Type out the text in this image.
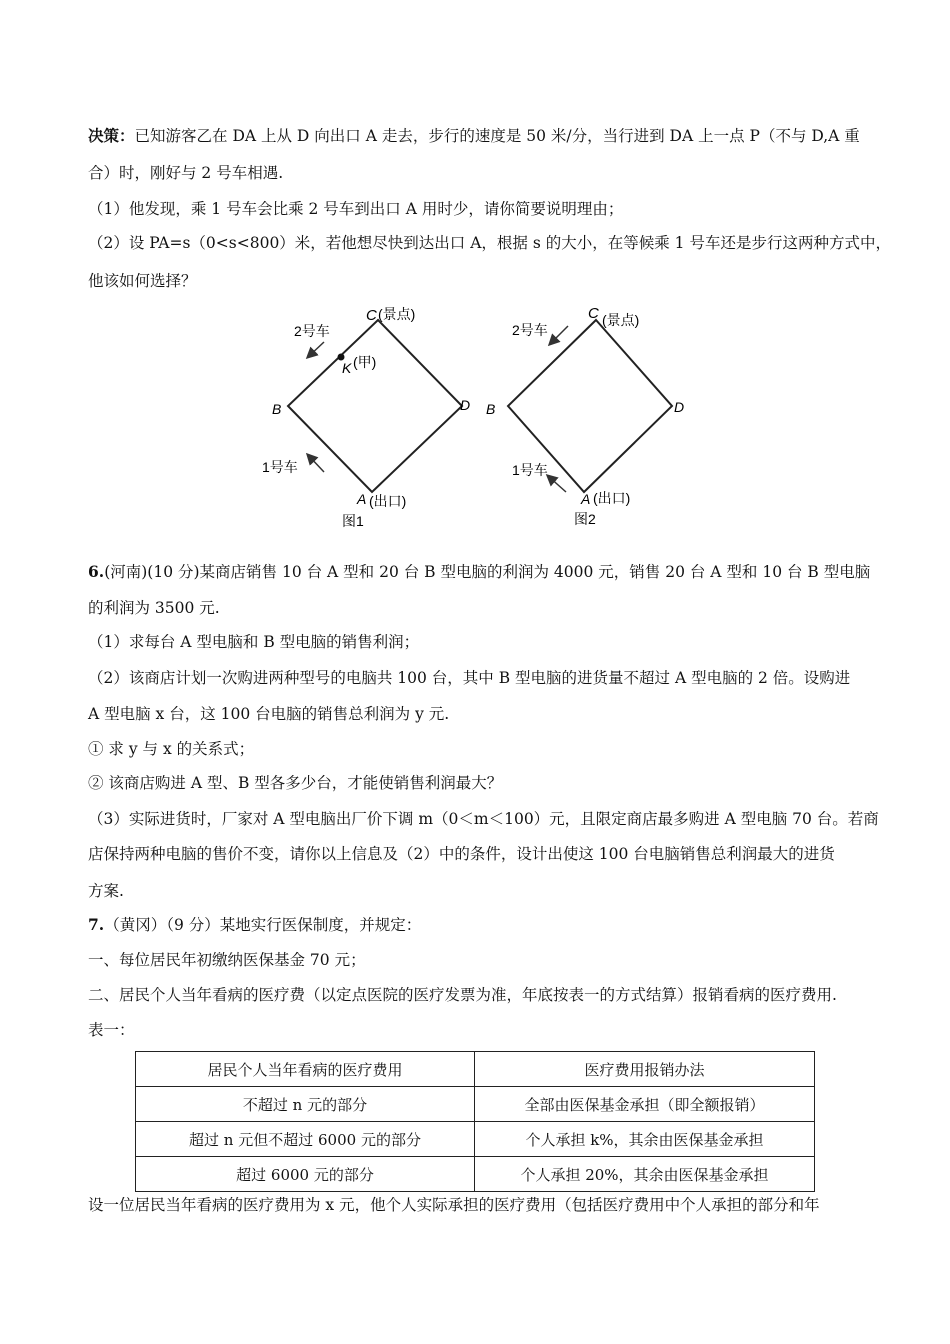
决策：已知游客乙在 DA 上从 D 向出口 A 走去，步行的速度是 50 米/分，当行进到 DA 上一点 P（不与 D,A 重
合）时，刚好与 2 号车相遇.
（1）他发现，乘 1 号车会比乘 2 号车到出口 A 用时少，请你简要说明理由；
（2）设 PA=s（0<s<800）米，若他想尽快到达出口 A，根据 s 的大小，在等候乘 1 号车还是步行这两种方式中，
他该如何选择？
C (景点)
K (甲)
B	D
A (出口)
2号车
1号车
图1
C (景点)
B	D
A (出口)
2号车
1号车
图2
6.(河南)(10 分)某商店销售 10 台 A 型和 20 台 B 型电脑的利润为 4000 元，销售 20 台 A 型和 10 台 B 型电脑
的利润为 3500 元.
（1）求每台 A 型电脑和 B 型电脑的销售利润；
（2）该商店计划一次购进两种型号的电脑共 100 台，其中 B 型电脑的进货量不超过 A 型电脑的 2 倍。设购进
A 型电脑 x 台，这 100 台电脑的销售总利润为 y 元.
① 求 y 与 x 的关系式；
② 该商店购进 A 型、B 型各多少台，才能使销售利润最大？
（3）实际进货时，厂家对 A 型电脑出厂价下调 m（0＜m＜100）元，且限定商店最多购进 A 型电脑 70 台。若商
店保持两种电脑的售价不变，请你以上信息及（2）中的条件，设计出使这 100 台电脑销售总利润最大的进货
方案.
7.（黄冈）（9 分）某地实行医保制度，并规定：
一、每位居民年初缴纳医保基金 70 元；
二、居民个人当年看病的医疗费（以定点医院的医疗发票为准，年底按表一的方式结算）报销看病的医疗费用.
表一：
居民个人当年看病的医疗费用	医疗费用报销办法
不超过 n 元的部分	全部由医保基金承担（即全额报销）
超过 n 元但不超过 6000 元的部分	个人承担 k%，其余由医保基金承担
超过 6000 元的部分	个人承担 20%，其余由医保基金承担
设一位居民当年看病的医疗费用为 x 元，他个人实际承担的医疗费用（包括医疗费用中个人承担的部分和年
